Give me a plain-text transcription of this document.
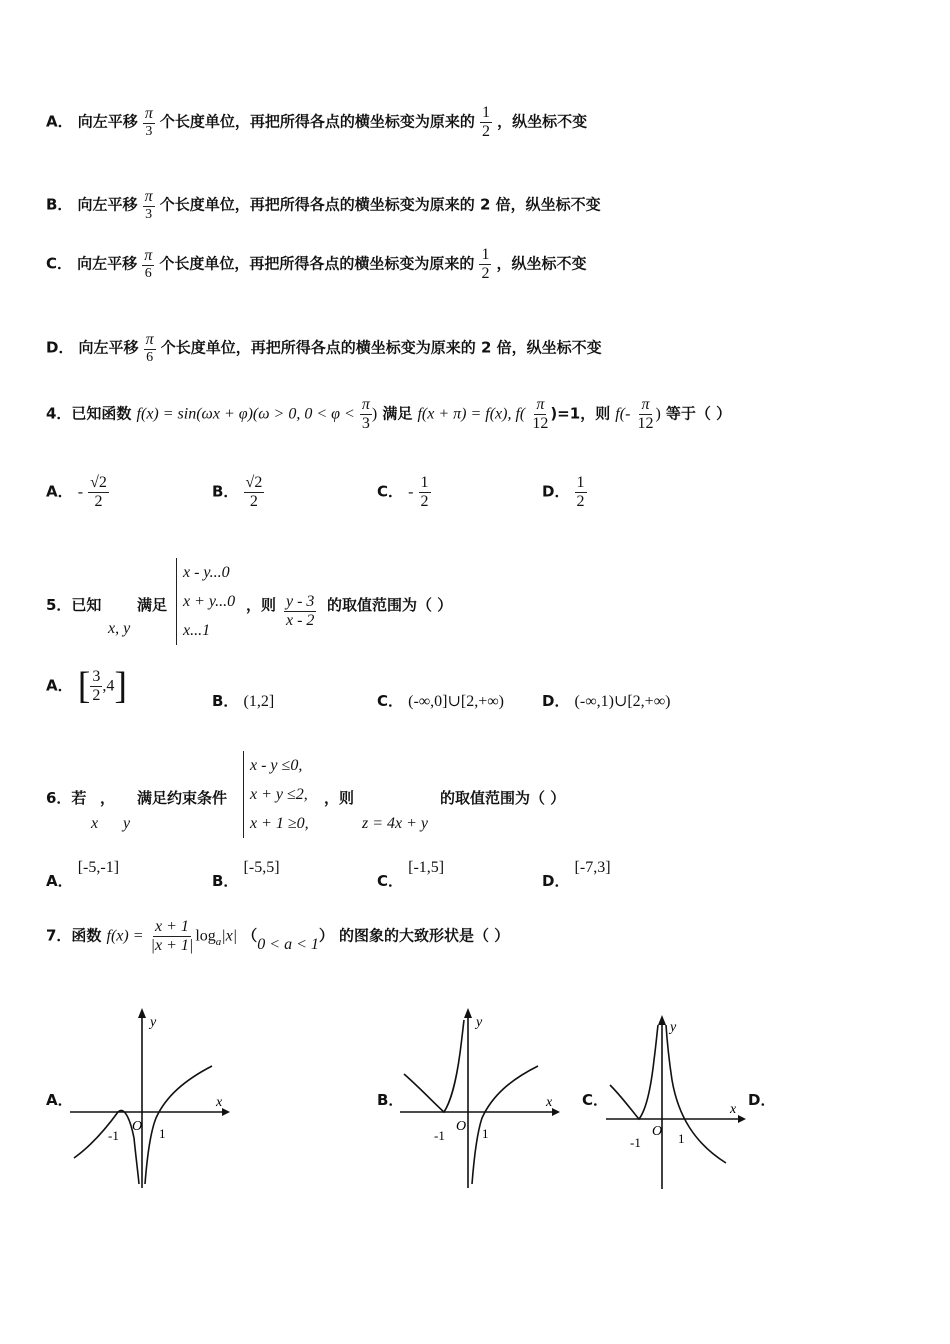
A． 向左平移 $\frac{\pi}{3}$ 个长度单位，再把所得各点的横坐标变为原来的 $\frac{1}{2}$ ，纵坐标不变
B． 向左平移 $\frac{\pi}{3}$ 个长度单位，再把所得各点的横坐标变为原来的 2 倍，纵坐标不变
C． 向左平移 $\frac{\pi}{6}$ 个长度单位，再把所得各点的横坐标变为原来的 $\frac{1}{2}$ ，纵坐标不变
D． 向左平移 $\frac{\pi}{6}$ 个长度单位，再把所得各点的横坐标变为原来的 2 倍，纵坐标不变
4．已知函数 f(x) = sin(ωx + φ)(ω > 0, $0 < \varphi < \frac{\pi}{3}$ ) 满足 f(x + π) = f(x), $f( \frac{\pi}{12} )=1$，则 $f(- \frac{\pi}{12}$ ) 等于（ ）
A． - $\frac{√2}{2}$	B． $\frac{√2}{2}$	C． - $\frac{1}{2}$	D． $\frac{1}{2}$
5．已知
x, y
满足
x - y...0
x + y...0
x...1
，则 $\frac{y - 3}{x - 2}$ 的取值范围为（ ）
A． [ $\frac{3}{2} ,4$]	B． (1,2]	C． (-∞,0]∪[2,+∞)	D． (-∞,1)∪[2,+∞)
6．若 ，
x y
满足约束条件
x - y ≤0,
x + y ≤2,
x + 1 ≥0,
，则
z = 4x + y
的取值范围为（ ）
A． [-5,-1]
B． [-5,5]
C． [-1,5]
D． [-7,3]
7．函数 $f(x) = \frac{x + 1}{|x + 1|} \log_a|x|$ （0 < a < 1） 的图象的大致形状是（ ）
A．
y
x
O
-1	1
B．
y
x
O
-1	1
C．
y
x
O
-1	1
D．
